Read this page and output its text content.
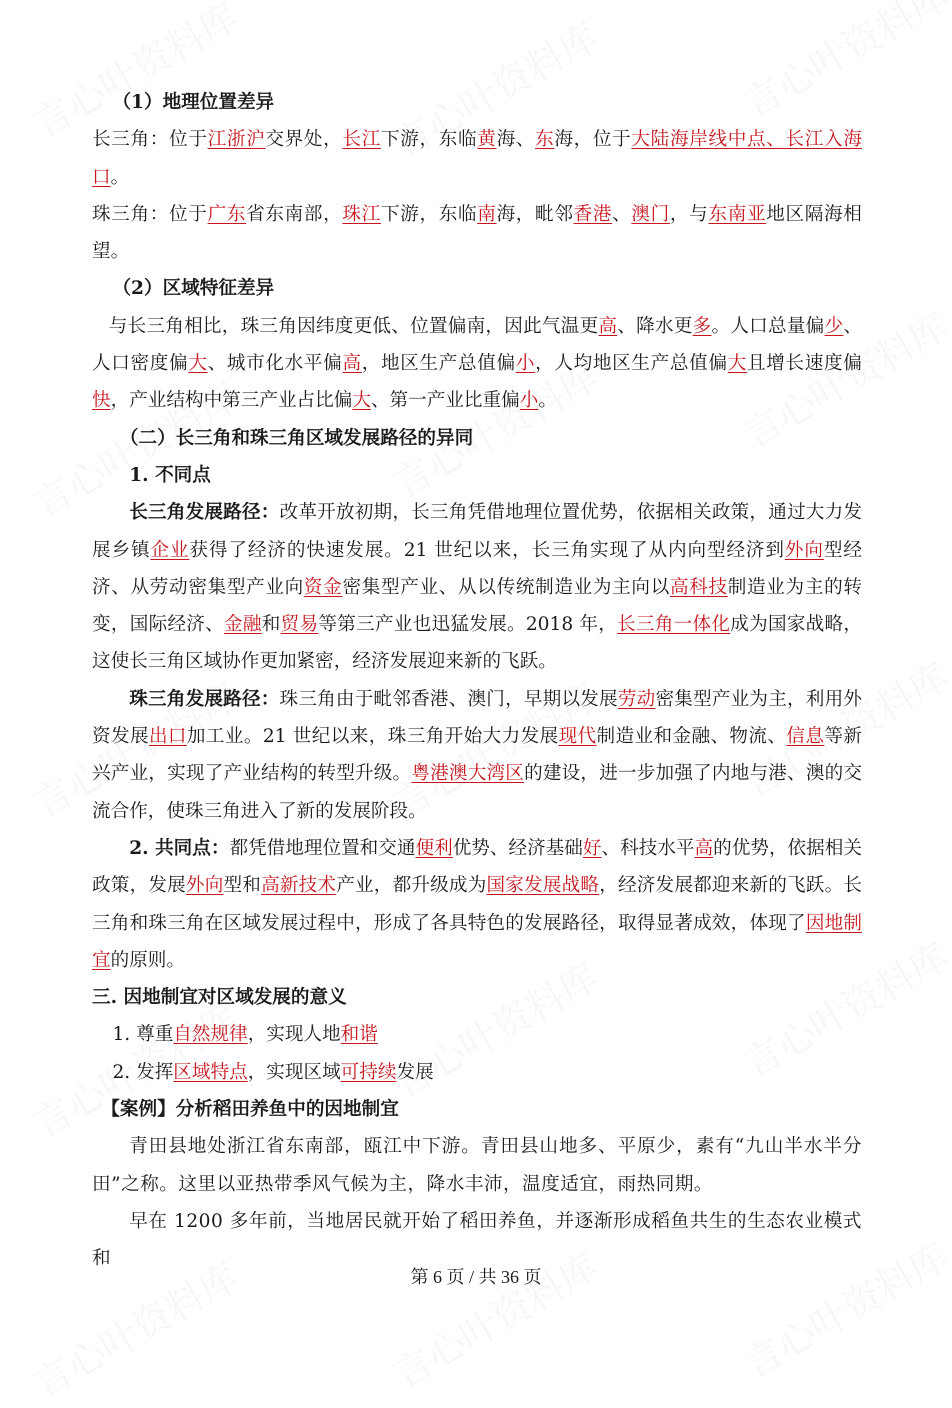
（1）地理位置差异
长三角：位于江浙沪交界处，长江下游，东临黄海、东海，位于大陆海岸线中点、长江入海口。
珠三角：位于广东省东南部，珠江下游，东临南海，毗邻香港、澳门，与东南亚地区隔海相望。
（2）区域特征差异
与长三角相比，珠三角因纬度更低、位置偏南，因此气温更高、降水更多。人口总量偏少、人口密度偏大、城市化水平偏高，地区生产总值偏小，人均地区生产总值偏大且增长速度偏快，产业结构中第三产业占比偏大、第一产业比重偏小。
（二）长三角和珠三角区域发展路径的异同
1. 不同点
长三角发展路径：改革开放初期，长三角凭借地理位置优势，依据相关政策，通过大力发展乡镇企业获得了经济的快速发展。21 世纪以来，长三角实现了从内向型经济到外向型经济、从劳动密集型产业向资金密集型产业、从以传统制造业为主向以高科技制造业为主的转变，国际经济、金融和贸易等第三产业也迅猛发展。2018 年，长三角一体化成为国家战略，这使长三角区域协作更加紧密，经济发展迎来新的飞跃。
珠三角发展路径：珠三角由于毗邻香港、澳门，早期以发展劳动密集型产业为主，利用外资发展出口加工业。21 世纪以来，珠三角开始大力发展现代制造业和金融、物流、信息等新兴产业，实现了产业结构的转型升级。粤港澳大湾区的建设，进一步加强了内地与港、澳的交流合作，使珠三角进入了新的发展阶段。
2. 共同点：都凭借地理位置和交通便利优势、经济基础好、科技水平高的优势，依据相关政策，发展外向型和高新技术产业，都升级成为国家发展战略，经济发展都迎来新的飞跃。长三角和珠三角在区域发展过程中，形成了各具特色的发展路径，取得显著成效，体现了因地制宜的原则。
三. 因地制宜对区域发展的意义
1. 尊重自然规律，实现人地和谐
2. 发挥区域特点，实现区域可持续发展
【案例】分析稻田养鱼中的因地制宜
青田县地处浙江省东南部，瓯江中下游。青田县山地多、平原少，素有“九山半水半分田”之称。这里以亚热带季风气候为主，降水丰沛，温度适宜，雨热同期。
早在 1200 多年前，当地居民就开始了稻田养鱼，并逐渐形成稻鱼共生的生态农业模式和
第 6 页 / 共 36 页
